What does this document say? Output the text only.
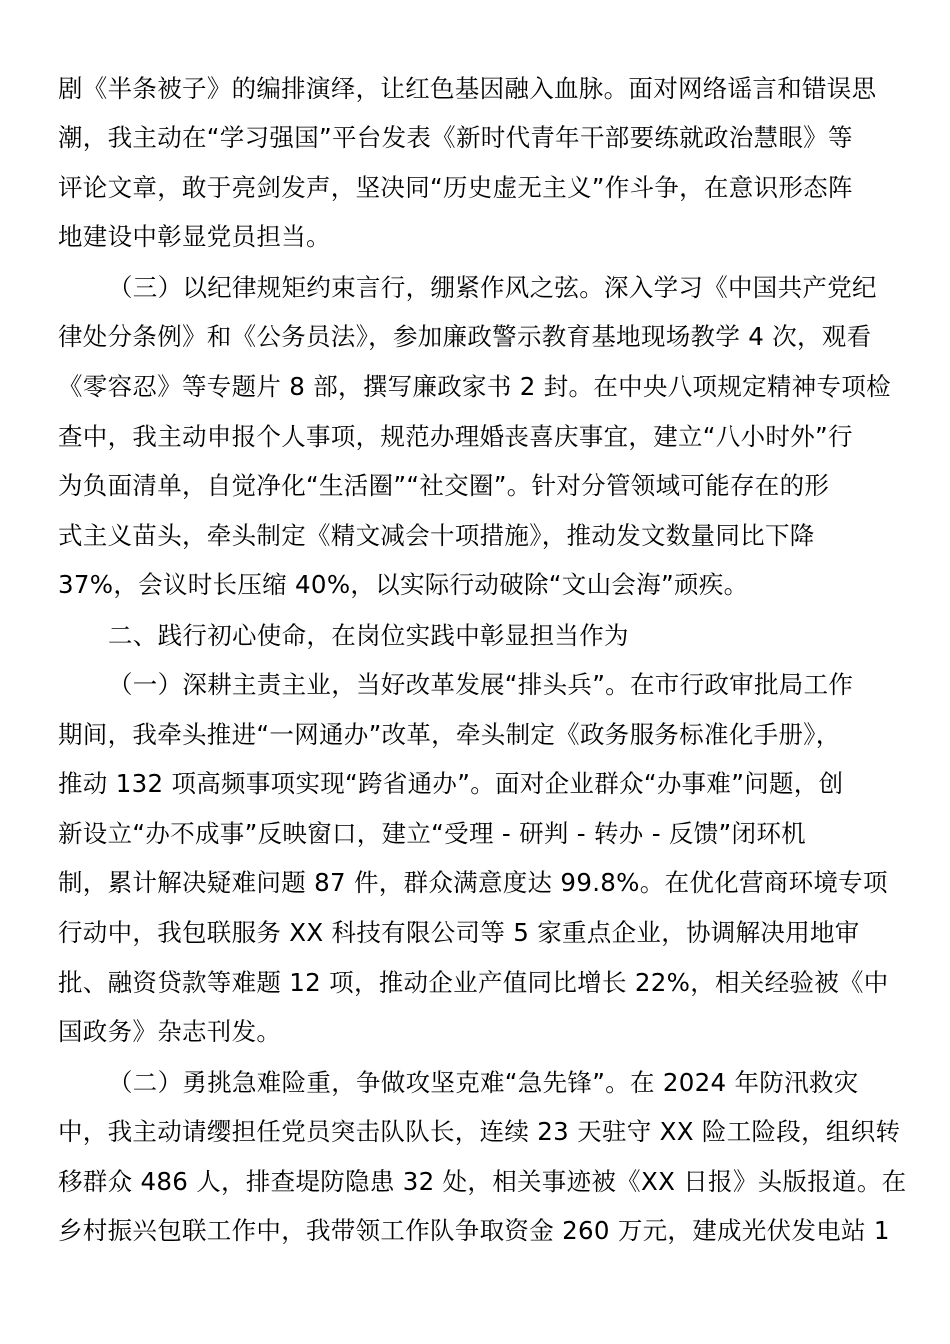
剧《半条被子》的编排演绎，让红色基因融入血脉。面对网络谣言和错误思
潮，我主动在“学习强国”平台发表《新时代青年干部要练就政治慧眼》等
评论文章，敢于亮剑发声，坚决同“历史虚无主义”作斗争，在意识形态阵
地建设中彰显党员担当。
（三）以纪律规矩约束言行，绷紧作风之弦。深入学习《中国共产党纪
律处分条例》和《公务员法》，参加廉政警示教育基地现场教学 4 次，观看
《零容忍》等专题片 8 部，撰写廉政家书 2 封。在中央八项规定精神专项检
查中，我主动申报个人事项，规范办理婚丧喜庆事宜，建立“八小时外”行
为负面清单，自觉净化“生活圈”“社交圈”。针对分管领域可能存在的形
式主义苗头，牵头制定《精文减会十项措施》，推动发文数量同比下降
37%，会议时长压缩 40%，以实际行动破除“文山会海”顽疾。
二、践行初心使命，在岗位实践中彰显担当作为
（一）深耕主责主业，当好改革发展“排头兵”。在市行政审批局工作
期间，我牵头推进“一网通办”改革，牵头制定《政务服务标准化手册》，
推动 132 项高频事项实现“跨省通办”。面对企业群众“办事难”问题，创
新设立“办不成事”反映窗口，建立“受理 - 研判 - 转办 - 反馈”闭环机
制，累计解决疑难问题 87 件，群众满意度达 99.8%。在优化营商环境专项
行动中，我包联服务 XX 科技有限公司等 5 家重点企业，协调解决用地审
批、融资贷款等难题 12 项，推动企业产值同比增长 22%，相关经验被《中
国政务》杂志刊发。
（二）勇挑急难险重，争做攻坚克难“急先锋”。在 2024 年防汛救灾
中，我主动请缨担任党员突击队队长，连续 23 天驻守 XX 险工险段，组织转
移群众 486 人，排查堤防隐患 32 处，相关事迹被《XX 日报》头版报道。在
乡村振兴包联工作中，我带领工作队争取资金 260 万元，建成光伏发电站 1
